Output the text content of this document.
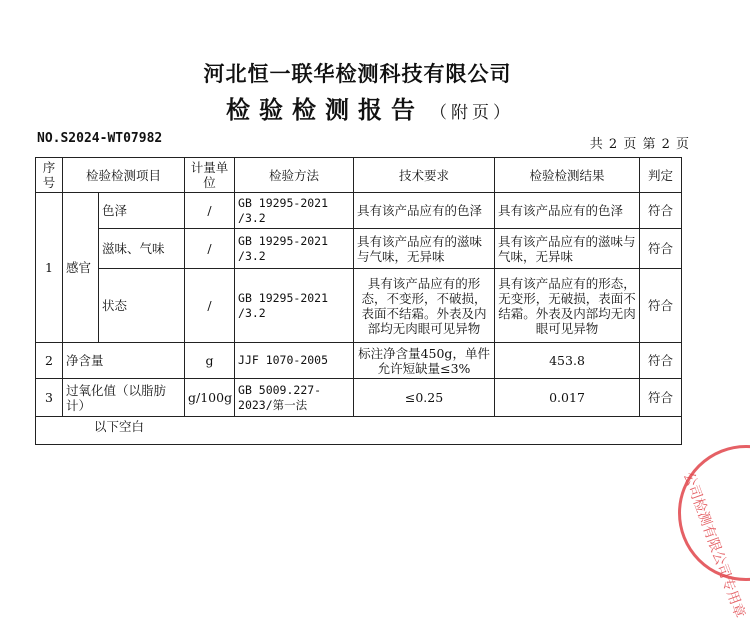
河北恒一联华检测科技有限公司
检验检测报告 （附页）
NO.S2024-WT07982	共 2 页 第 2 页
序号	检验检测项目		计量单位	检验方法	技术要求	检验检测结果	判定
1	感官	色泽	/	GB 19295-2021 /3.2	具有该产品应有的色泽	具有该产品应有的色泽	符合
		滋味、气味	/	GB 19295-2021 /3.2	具有该产品应有的滋味与气味，无异味	具有该产品应有的滋味与气味，无异味	符合
		状态	/	GB 19295-2021 /3.2	具有该产品应有的形态，不变形，不破损，表面不结霜。外表及内部均无肉眼可见异物	具有该产品应有的形态，无变形，无破损，表面不结霜。外表及内部均无肉眼可见异物	符合
2	净含量		g	JJF 1070-2005	标注净含量450g，单件允许短缺量≤3%	453.8	符合
3	过氧化值（以脂肪计）		g/100g	GB 5009.227-2023/第一法	≤0.25	0.017	符合
以下空白							
公司检测有限公司专用章
